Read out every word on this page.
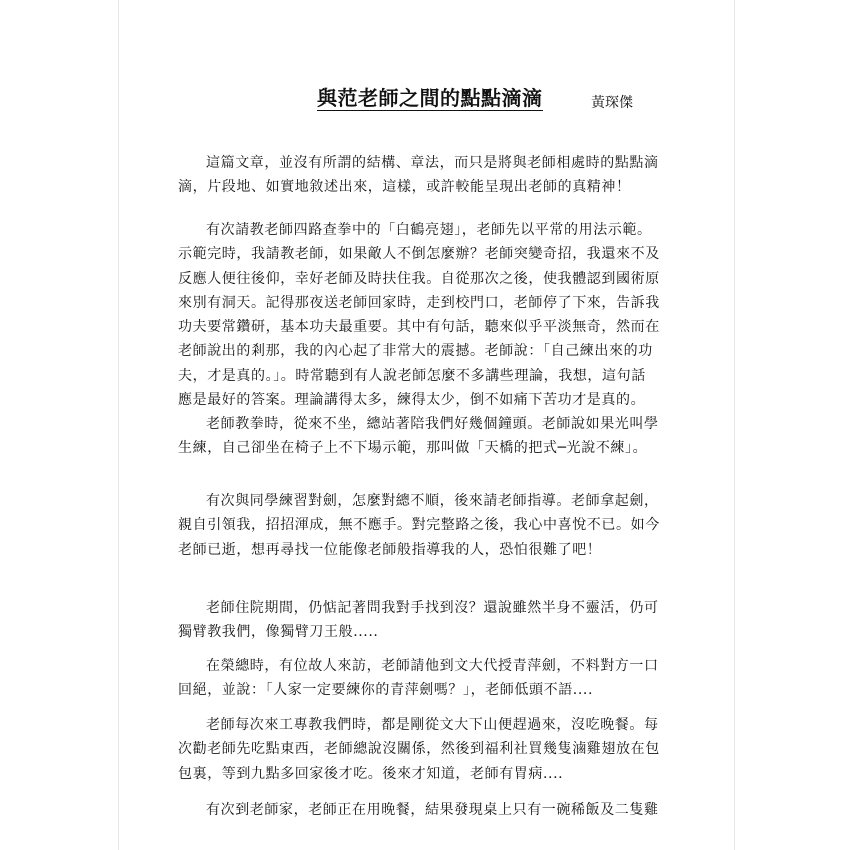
與范老師之間的點點滴滴	黃琛傑

這篇文章，並沒有所謂的結構、章法，而只是將與老師相處時的點點滴
滴，片段地、如實地敘述出來，這樣，或許較能呈現出老師的真精神！

有次請教老師四路查拳中的「白鶴亮翅」，老師先以平常的用法示範。
示範完時，我請教老師，如果敵人不倒怎麼辦？老師突變奇招，我還來不及
反應人便往後仰，幸好老師及時扶住我。自從那次之後，使我體認到國術原
來別有洞天。記得那夜送老師回家時，走到校門口，老師停了下來，告訴我
功夫要常鑽研，基本功夫最重要。其中有句話，聽來似乎平淡無奇，然而在
老師說出的剎那，我的內心起了非常大的震撼。老師說：「自己練出來的功
夫，才是真的。」。時常聽到有人說老師怎麼不多講些理論，我想，這句話
應是最好的答案。理論講得太多，練得太少，倒不如痛下苦功才是真的。

老師教拳時，從來不坐，總站著陪我們好幾個鐘頭。老師說如果光叫學
生練，自己卻坐在椅子上不下場示範，那叫做「天橋的把式─光說不練」。

有次與同學練習對劍，怎麼對總不順，後來請老師指導。老師拿起劍，
親自引領我，招招渾成，無不應手。對完整路之後，我心中喜悅不已。如今
老師已逝，想再尋找一位能像老師般指導我的人，恐怕很難了吧！

老師住院期間，仍惦記著問我對手找到沒？還說雖然半身不靈活，仍可
獨臂教我們，像獨臂刀王般.....

在榮總時，有位故人來訪，老師請他到文大代授青萍劍，不料對方一口
回絕，並說：「人家一定要練你的青萍劍嗎？」，老師低頭不語....

老師每次來工專教我們時，都是剛從文大下山便趕過來，沒吃晚餐。每
次勸老師先吃點東西，老師總說沒關係，然後到福利社買幾隻滷雞翅放在包
包裏，等到九點多回家後才吃。後來才知道，老師有胃病....

有次到老師家，老師正在用晚餐，結果發現桌上只有一碗稀飯及二隻雞
